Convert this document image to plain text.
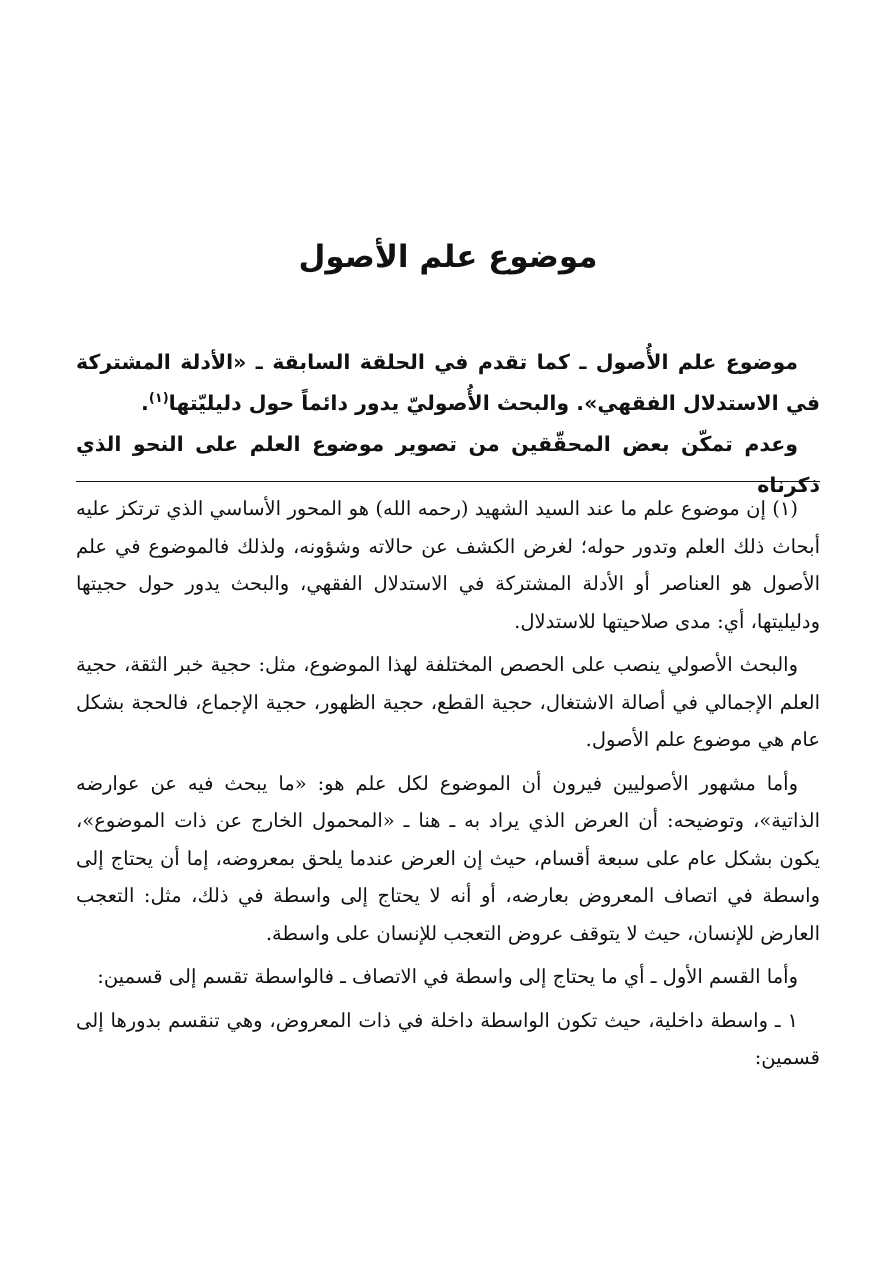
موضوع علم الأصول

موضوع علم الأُصول ـ كما تقدم في الحلقة السابقة ـ «الأدلة المشتركة في الاستدلال الفقهي». والبحث الأُصوليّ يدور دائماً حول دليليّتها$^{(١)}$.

وعدم تمكّن بعض المحقّقين من تصوير موضوع العلم على النحو الذي ذكرناه

(١) إن موضوع علم ما عند السيد الشهيد (رحمه الله) هو المحور الأساسي الذي ترتكز عليه أبحاث ذلك العلم وتدور حوله؛ لغرض الكشف عن حالاته وشؤونه، ولذلك فالموضوع في علم الأصول هو العناصر أو الأدلة المشتركة في الاستدلال الفقهي، والبحث يدور حول حجيتها ودليليتها، أي: مدى صلاحيتها للاستدلال.

والبحث الأصولي ينصب على الحصص المختلفة لهذا الموضوع، مثل: حجية خبر الثقة، حجية العلم الإجمالي في أصالة الاشتغال، حجية القطع، حجية الظهور، حجية الإجماع، فالحجة بشكل عام هي موضوع علم الأصول.

وأما مشهور الأصوليين فيرون أن الموضوع لكل علم هو: «ما يبحث فيه عن عوارضه الذاتية»، وتوضيحه: أن العرض الذي يراد به ـ هنا ـ «المحمول الخارج عن ذات الموضوع»، يكون بشكل عام على سبعة أقسام، حيث إن العرض عندما يلحق بمعروضه، إما أن يحتاج إلى واسطة في اتصاف المعروض بعارضه، أو أنه لا يحتاج إلى واسطة في ذلك، مثل: التعجب العارض للإنسان، حيث لا يتوقف عروض التعجب للإنسان على واسطة.

وأما القسم الأول ـ أي ما يحتاج إلى واسطة في الاتصاف ـ فالواسطة تقسم إلى قسمين:

١ ـ واسطة داخلية، حيث تكون الواسطة داخلة في ذات المعروض، وهي تنقسم بدورها إلى قسمين:
